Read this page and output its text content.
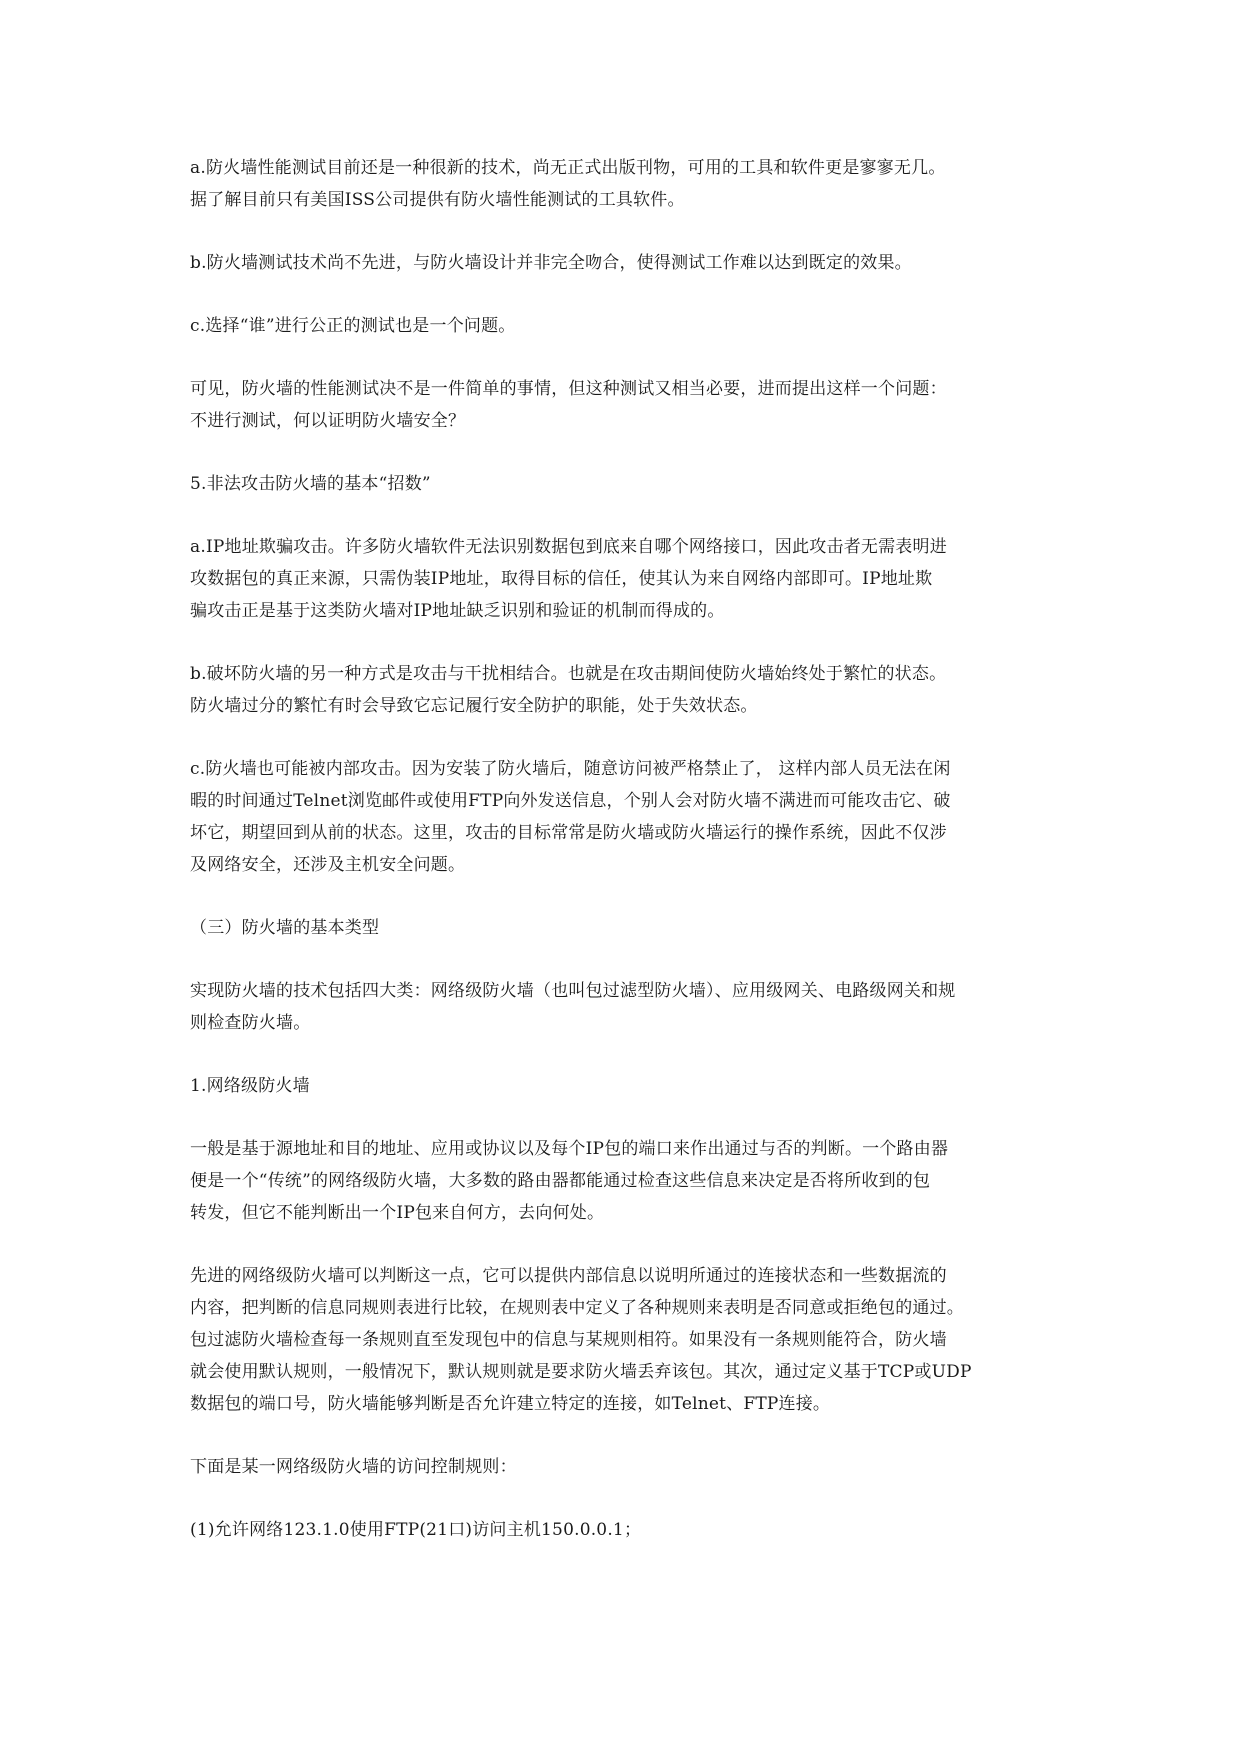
a.防火墙性能测试目前还是一种很新的技术，尚无正式出版刊物，可用的工具和软件更是寥寥无几。
据了解目前只有美国ISS公司提供有防火墙性能测试的工具软件。

b.防火墙测试技术尚不先进，与防火墙设计并非完全吻合，使得测试工作难以达到既定的效果。

c.选择“谁”进行公正的测试也是一个问题。

可见，防火墙的性能测试决不是一件简单的事情，但这种测试又相当必要，进而提出这样一个问题：
不进行测试，何以证明防火墙安全？

5.非法攻击防火墙的基本“招数”

a.IP地址欺骗攻击。许多防火墙软件无法识别数据包到底来自哪个网络接口，因此攻击者无需表明进
攻数据包的真正来源，只需伪装IP地址，取得目标的信任，使其认为来自网络内部即可。IP地址欺
骗攻击正是基于这类防火墙对IP地址缺乏识别和验证的机制而得成的。

b.破坏防火墙的另一种方式是攻击与干扰相结合。也就是在攻击期间使防火墙始终处于繁忙的状态。
防火墙过分的繁忙有时会导致它忘记履行安全防护的职能，处于失效状态。

c.防火墙也可能被内部攻击。因为安装了防火墙后，随意访问被严格禁止了， 这样内部人员无法在闲
暇的时间通过Telnet浏览邮件或使用FTP向外发送信息，个别人会对防火墙不满进而可能攻击它、破
坏它，期望回到从前的状态。这里，攻击的目标常常是防火墙或防火墙运行的操作系统，因此不仅涉
及网络安全，还涉及主机安全问题。

（三）防火墙的基本类型

实现防火墙的技术包括四大类：网络级防火墙（也叫包过滤型防火墙）、应用级网关、电路级网关和规
则检查防火墙。

1.网络级防火墙

一般是基于源地址和目的地址、应用或协议以及每个IP包的端口来作出通过与否的判断。一个路由器
便是一个“传统”的网络级防火墙，大多数的路由器都能通过检查这些信息来决定是否将所收到的包
转发，但它不能判断出一个IP包来自何方，去向何处。

先进的网络级防火墙可以判断这一点，它可以提供内部信息以说明所通过的连接状态和一些数据流的
内容，把判断的信息同规则表进行比较，在规则表中定义了各种规则来表明是否同意或拒绝包的通过。
包过滤防火墙检查每一条规则直至发现包中的信息与某规则相符。如果没有一条规则能符合，防火墙
就会使用默认规则，一般情况下，默认规则就是要求防火墙丢弃该包。其次，通过定义基于TCP或UDP
数据包的端口号，防火墙能够判断是否允许建立特定的连接，如Telnet、FTP连接。

下面是某一网络级防火墙的访问控制规则：

(1)允许网络123.1.0使用FTP(21口)访问主机150.0.0.1；
